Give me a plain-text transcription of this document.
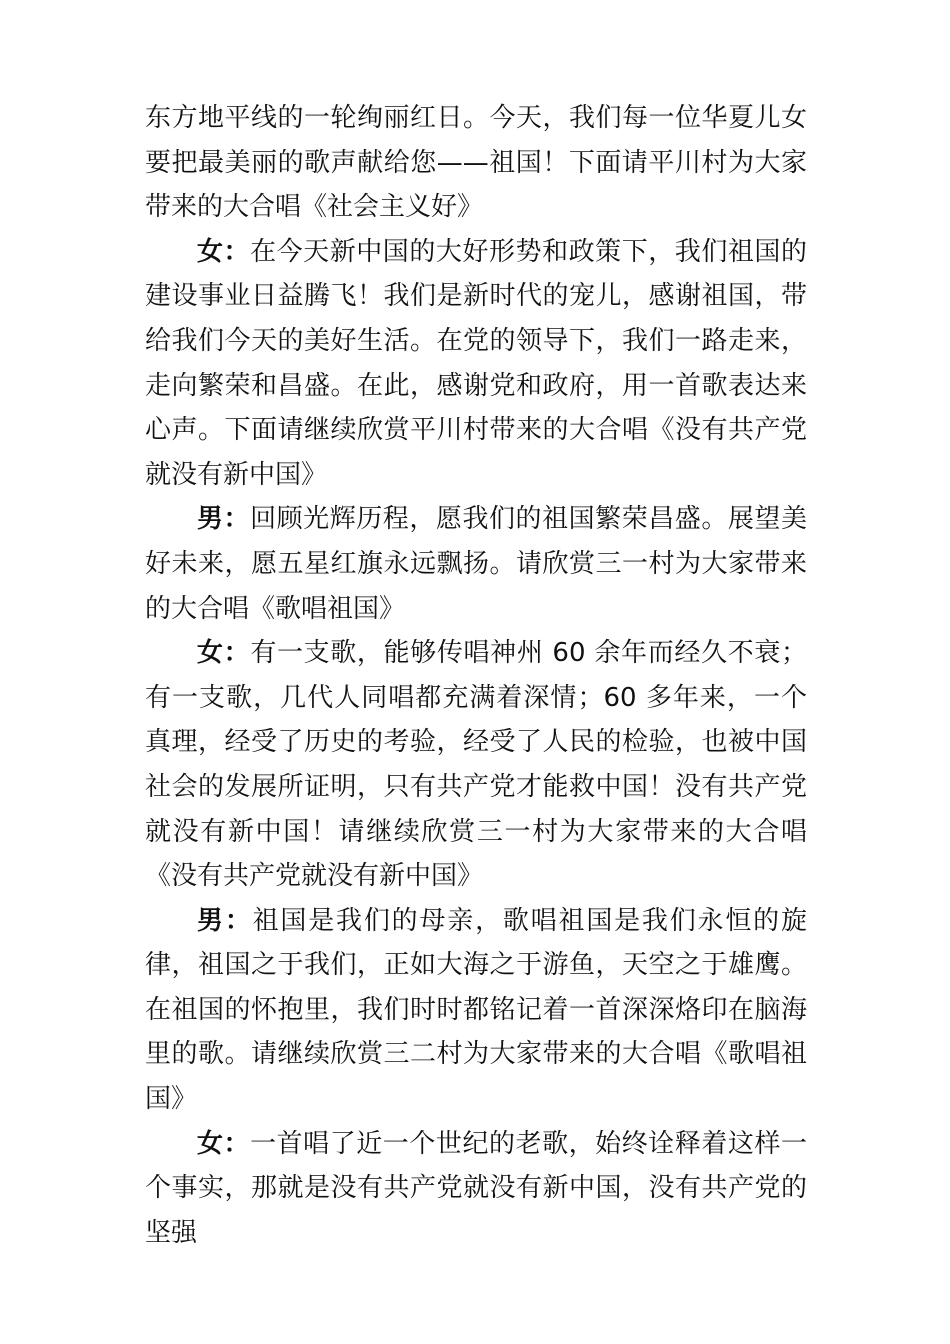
东方地平线的一轮绚丽红日。今天，我们每一位华夏儿女要把最美丽的歌声献给您——祖国！下面请平川村为大家带来的大合唱《社会主义好》

女：在今天新中国的大好形势和政策下，我们祖国的建设事业日益腾飞！我们是新时代的宠儿，感谢祖国，带给我们今天的美好生活。在党的领导下，我们一路走来，走向繁荣和昌盛。在此，感谢党和政府，用一首歌表达来心声。下面请继续欣赏平川村带来的大合唱《没有共产党就没有新中国》

男：回顾光辉历程，愿我们的祖国繁荣昌盛。展望美好未来，愿五星红旗永远飘扬。请欣赏三一村为大家带来的大合唱《歌唱祖国》

女：有一支歌，能够传唱神州 60 余年而经久不衰；有一支歌，几代人同唱都充满着深情；60 多年来，一个真理，经受了历史的考验，经受了人民的检验，也被中国社会的发展所证明，只有共产党才能救中国！没有共产党就没有新中国！请继续欣赏三一村为大家带来的大合唱《没有共产党就没有新中国》

男：祖国是我们的母亲，歌唱祖国是我们永恒的旋律，祖国之于我们，正如大海之于游鱼，天空之于雄鹰。在祖国的怀抱里，我们时时都铭记着一首深深烙印在脑海里的歌。请继续欣赏三二村为大家带来的大合唱《歌唱祖国》

女：一首唱了近一个世纪的老歌，始终诠释着这样一个事实，那就是没有共产党就没有新中国，没有共产党的坚强
